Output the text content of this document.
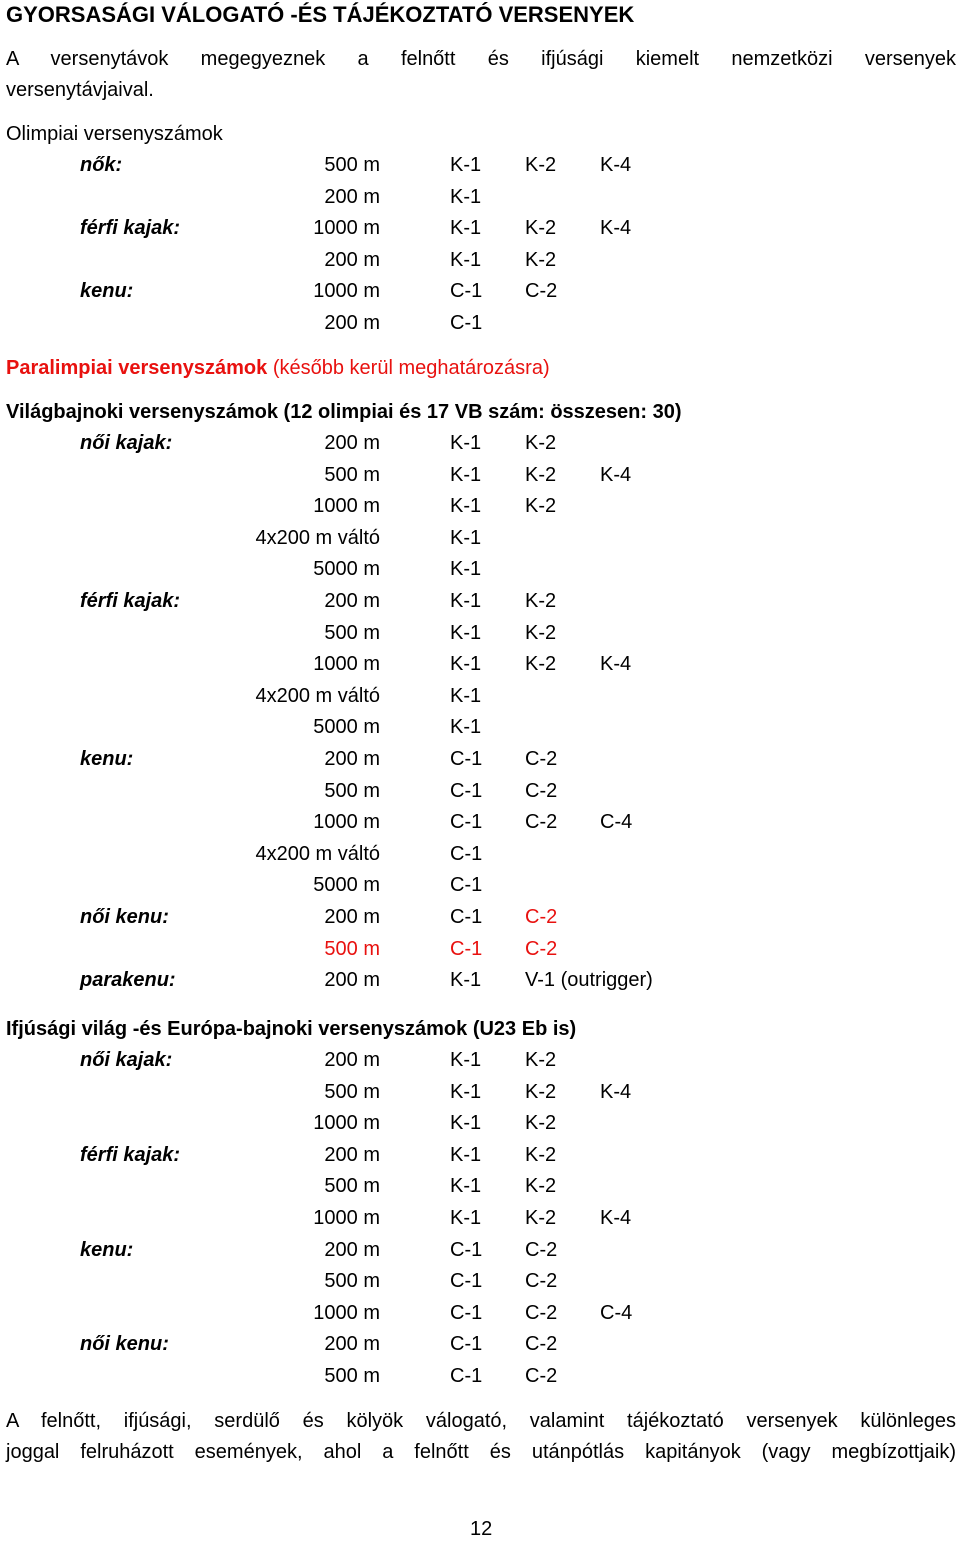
GYORSASÁGI VÁLOGATÓ -ÉS TÁJÉKOZTATÓ VERSENYEK
A versenytávok megegyeznek a felnőtt és ifjúsági kiemelt nemzetközi versenyek
versenytávjaival.
Olimpiai versenyszámok
nők:	500 m	K-1 K-2 K-4
200 m	K-1
férfi kajak:	1000 m	K-1 K-2 K-4
200 m	K-1 K-2
kenu:	1000 m	C-1 C-2
200 m	C-1
Paralimpiai versenyszámok (később kerül meghatározásra)
Világbajnoki versenyszámok (12 olimpiai és 17 VB szám: összesen: 30)
női kajak:	200 m	K-1 K-2
500 m	K-1 K-2 K-4
1000 m	K-1 K-2
4x200 m váltó	K-1
5000 m	K-1
férfi kajak:	200 m	K-1 K-2
500 m	K-1 K-2
1000 m	K-1 K-2 K-4
4x200 m váltó	K-1
5000 m	K-1
kenu:	200 m	C-1 C-2
500 m	C-1 C-2
1000 m	C-1 C-2 C-4
4x200 m váltó	C-1
5000 m	C-1
női kenu:	200 m	C-1 C-2
500 m	C-1 C-2
parakenu:	200 m	K-1 V-1 (outrigger)
Ifjúsági világ -és Európa-bajnoki versenyszámok (U23 Eb is)
női kajak:	200 m	K-1 K-2
500 m	K-1 K-2 K-4
1000 m	K-1 K-2
férfi kajak:	200 m	K-1 K-2
500 m	K-1 K-2
1000 m	K-1 K-2 K-4
kenu:	200 m	C-1 C-2
500 m	C-1 C-2
1000 m	C-1 C-2 C-4
női kenu:	200 m	C-1 C-2
500 m	C-1 C-2
A felnőtt, ifjúsági, serdülő és kölyök válogató, valamint tájékoztató versenyek különleges
joggal felruházott események, ahol a felnőtt és utánpótlás kapitányok (vagy megbízottjaik)
12
